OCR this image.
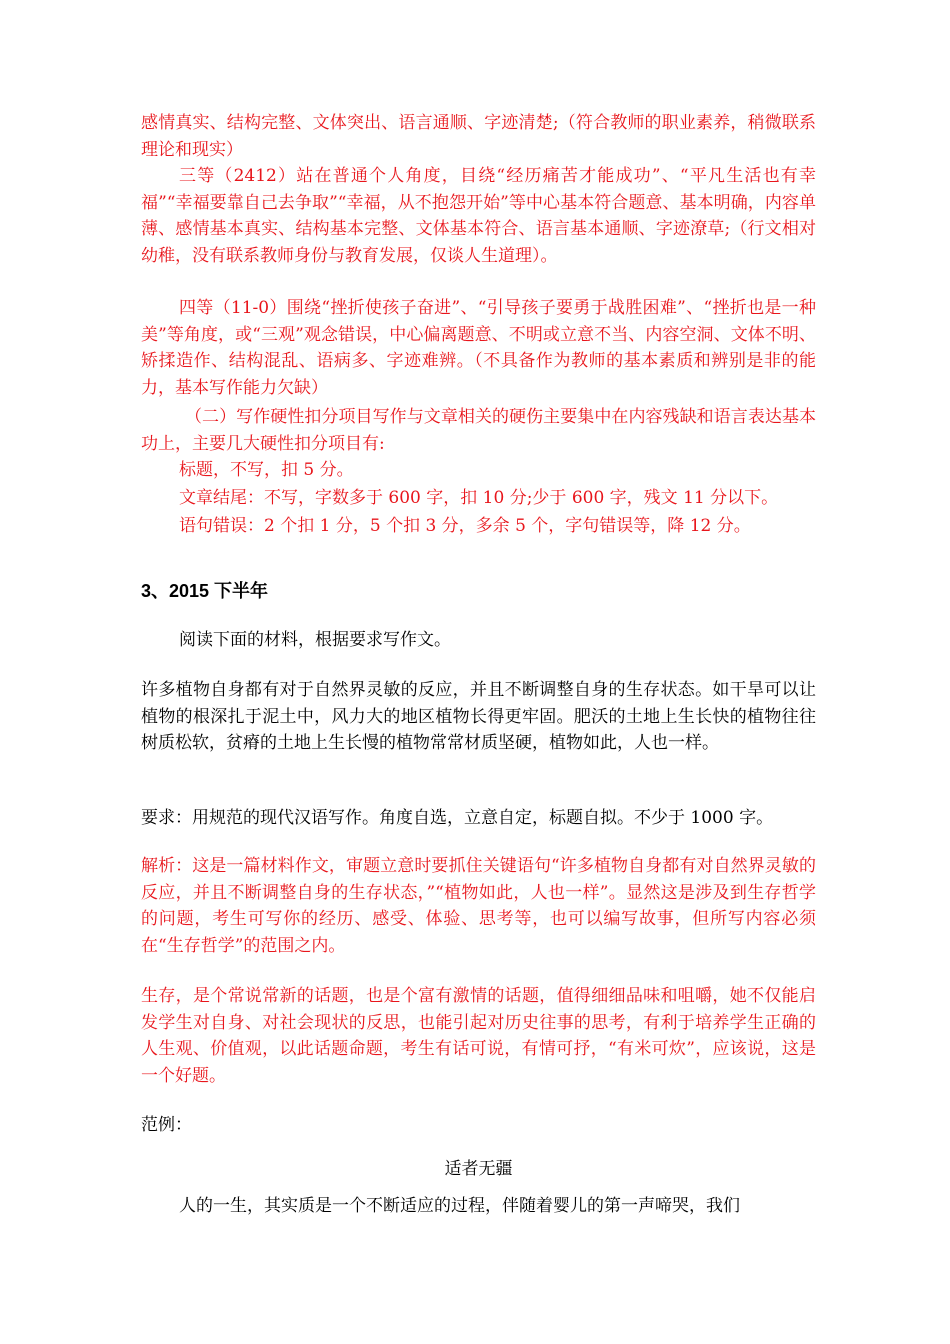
感情真实、结构完整、文体突出、语言通顺、字迹清楚;（符合教师的职业素养，稍微联系理论和现实）

三等（2412）站在普通个人角度，目绕“经历痛苦才能成功”、“平凡生活也有幸福”“幸福要靠自己去争取”“幸福，从不抱怨开始”等中心基本符合题意、基本明确，内容单薄、感情基本真实、结构基本完整、文体基本符合、语言基本通顺、字迹潦草;（行文相对幼稚，没有联系教师身份与教育发展，仅谈人生道理）。

四等（11-0）围绕“挫折使孩子奋进”、“引导孩子要勇于战胜困难”、“挫折也是一种美”等角度，或“三观”观念错误，中心偏离题意、不明或立意不当、内容空洞、文体不明、矫揉造作、结构混乱、语病多、字迹难辨。（不具备作为教师的基本素质和辨别是非的能力，基本写作能力欠缺）

（二）写作硬性扣分项目写作与文章相关的硬伤主要集中在内容残缺和语言表达基本功上，主要几大硬性扣分项目有:

标题，不写，扣 5 分。

文章结尾：不写，字数多于 600 字，扣 10 分;少于 600 字，残文 11 分以下。

语句错误：2 个扣 1 分，5 个扣 3 分，多余 5 个，字句错误等，降 12 分。

3、2015 下半年

阅读下面的材料，根据要求写作文。

许多植物自身都有对于自然界灵敏的反应，并且不断调整自身的生存状态。如干旱可以让植物的根深扎于泥土中，风力大的地区植物长得更牢固。肥沃的土地上生长快的植物往往树质松软，贫瘠的土地上生长慢的植物常常材质坚硬，植物如此，人也一样。

要求：用规范的现代汉语写作。角度自选，立意自定，标题自拟。不少于 1000 字。

解析：这是一篇材料作文，审题立意时要抓住关键语句“许多植物自身都有对自然界灵敏的反应，并且不断调整自身的生存状态，”“植物如此，人也一样”。显然这是涉及到生存哲学的问题，考生可写你的经历、感受、体验、思考等，也可以编写故事，但所写内容必须在“生存哲学”的范围之内。

生存，是个常说常新的话题，也是个富有激情的话题，值得细细品味和咀嚼，她不仅能启发学生对自身、对社会现状的反思，也能引起对历史往事的思考，有利于培养学生正确的人生观、价值观，以此话题命题，考生有话可说，有情可抒，“有米可炊”，应该说，这是一个好题。

范例：

适者无疆

人的一生，其实质是一个不断适应的过程，伴随着婴儿的第一声啼哭，我们
